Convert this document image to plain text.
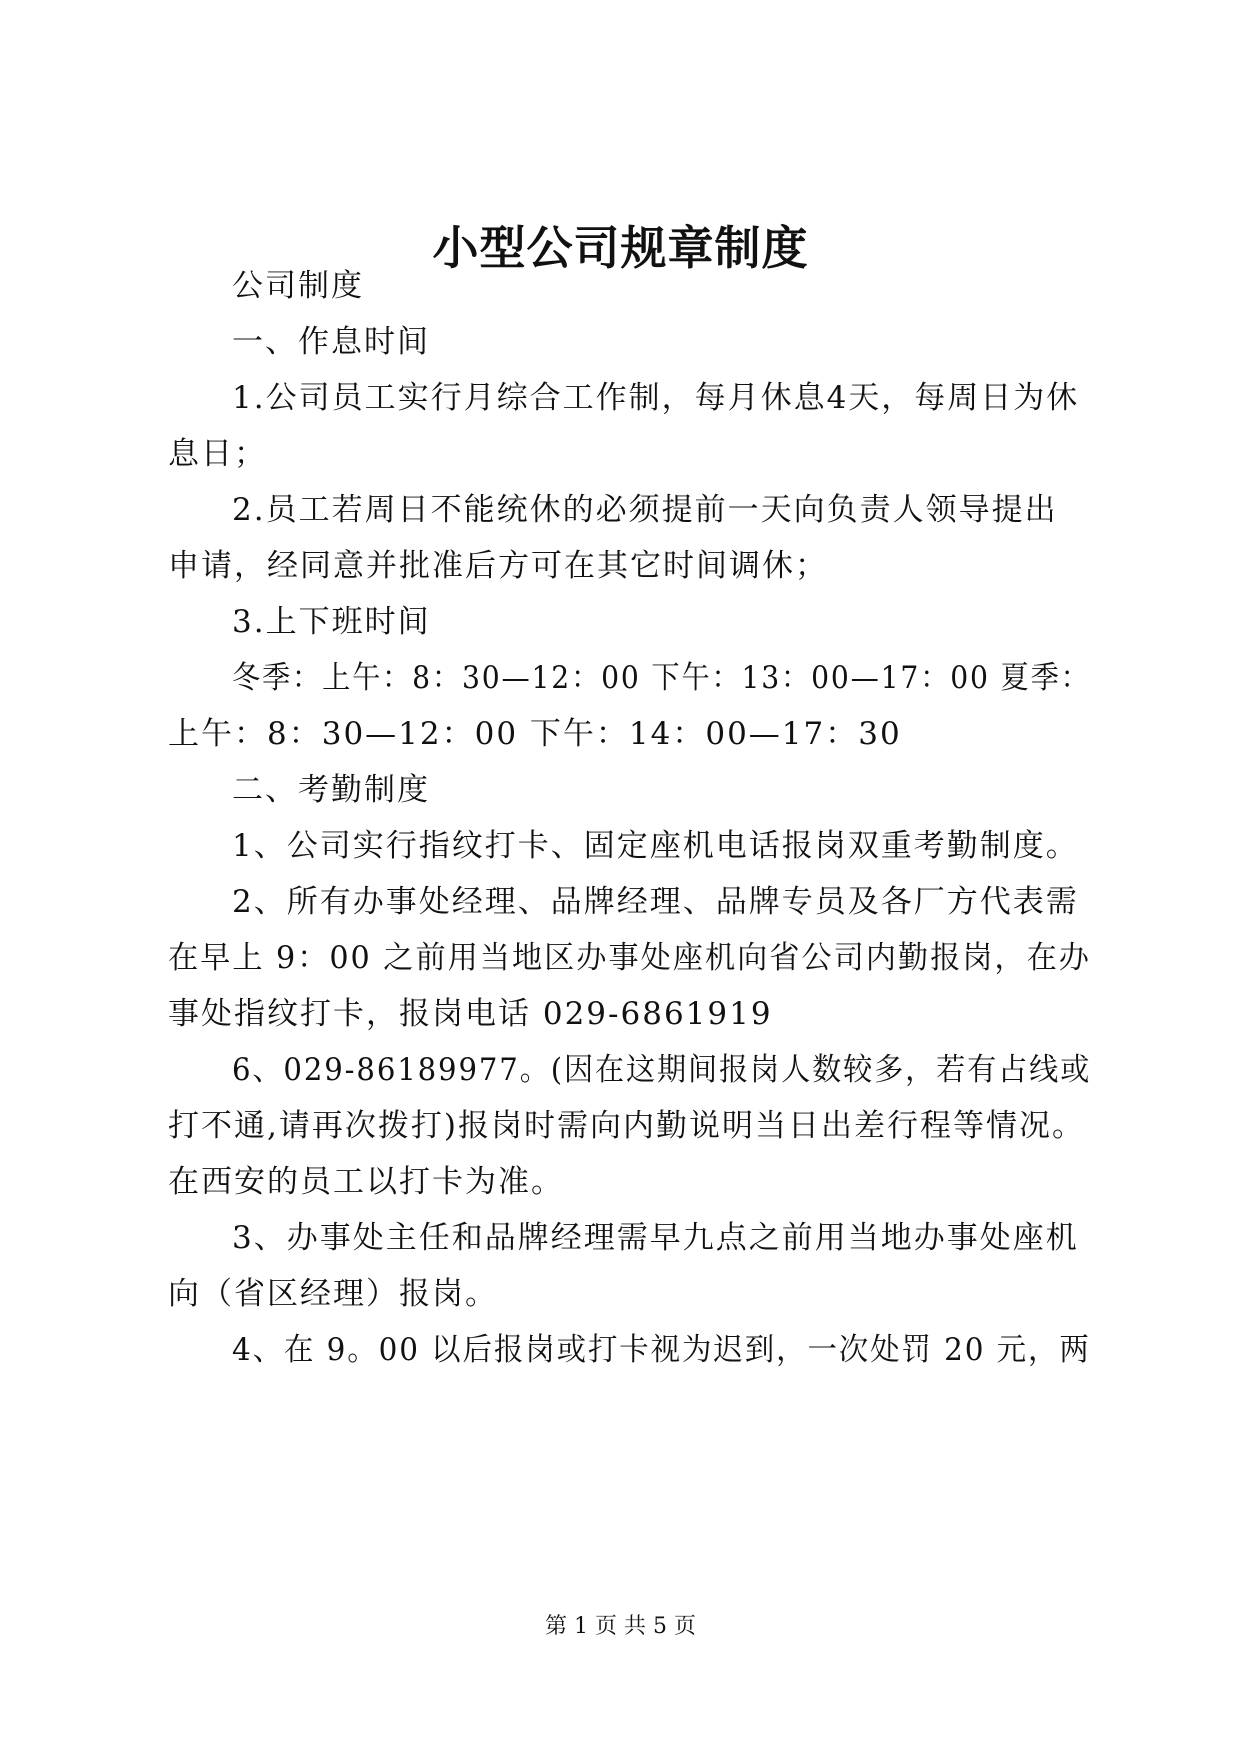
小型公司规章制度
公司制度
一、作息时间
1.公司员工实行月综合工作制，每月休息4天，每周日为休
息日；
2.员工若周日不能统休的必须提前一天向负责人领导提出
申请，经同意并批准后方可在其它时间调休；
3.上下班时间
冬季：上午：8：30—12：00 下午：13：00—17：00 夏季：
上午：8：30—12：00 下午：14：00—17：30
二、考勤制度
1、公司实行指纹打卡、固定座机电话报岗双重考勤制度。
2、所有办事处经理、品牌经理、品牌专员及各厂方代表需
在早上 9：00 之前用当地区办事处座机向省公司内勤报岗，在办
事处指纹打卡，报岗电话 029-6861919
6、029-86189977。(因在这期间报岗人数较多，若有占线或
打不通,请再次拨打)报岗时需向内勤说明当日出差行程等情况。
在西安的员工以打卡为准。
3、办事处主任和品牌经理需早九点之前用当地办事处座机
向（省区经理）报岗。
4、在 9。00 以后报岗或打卡视为迟到，一次处罚 20 元，两
第 1 页 共 5 页
